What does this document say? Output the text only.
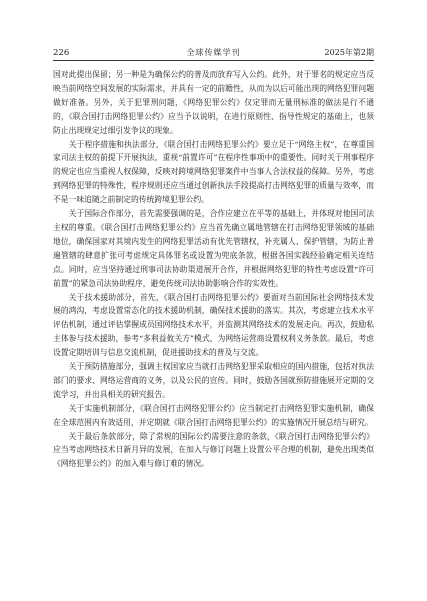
226	全球传媒学刊	2025年第2期

国对此提出保留；另一种是为确保公约的普及而放弃写入公约。此外，对于罪名的规定应当反映当前网络空间发展的实际需求，并具有一定的前瞻性，从而为以后可能出现的网络犯罪问题做好准备。另外，关于犯罪刑问题，《网络犯罪公约》仅定罪而无量刑标准的做法是行不通的，《联合国打击网络犯罪公约》应当予以说明，在进行原则性、指导性规定的基础上，也须防止出现规定过细引发争议的现象。

关于程序措施和执法部分，《联合国打击网络犯罪公约》要立足于“网络主权”，在尊重国家司法主权的前提下开展执法，重视“前置许可”在程序性事项中的重要性。同时关于刑事程序的规定也应当重视人权保障，反映对跨境网络犯罪案件中当事人合法权益的保障。另外，考虑到网络犯罪的特殊性，程序规则还应当通过创新执法手段提高打击网络犯罪的质量与效率，而不是一味追随之前制定的传统跨境犯罪公约。

关于国际合作部分，首先需要强调的是，合作应建立在平等的基础上，并体现对他国司法主权的尊重。《联合国打击网络犯罪公约》应当首先确立属地管辖在打击网络犯罪领域的基础地位，确保国家对其境内发生的网络犯罪活动有优先管辖权，补充属人、保护管辖，为防止普遍管辖的肆意扩张可考虑规定具体罪名或设置为兜底条款，根据各国实践经验确定相关连结点。同时，应当坚持通过刑事司法协助渠道展开合作，并根据网络犯罪的特性考虑设置“许可前置”的紧急司法协助程序，避免传统司法协助影响合作的实效性。

关于技术援助部分，首先，《联合国打击网络犯罪公约》要面对当前国际社会网络技术发展的鸿沟，考虑设置常态化的技术援助机制，确保技术援助的落实。其次，考虑建立技术水平评估机制，通过评估掌握成员国网络技术水平，并监测其网络技术的发展走向。再次，鼓励私主体参与技术援助，参考“多利益攸关方”模式，为网络运营商设置权利义务条款。最后，考虑设置定期培训与信息交流机制，促进援助技术的普及与交流。

关于预防措施部分，强调主权国家应当就打击网络犯罪采取相应的国内措施，包括对执法部门的要求、网络运营商的义务，以及公民的宣传。同时，鼓励各国就预防措施展开定期的交流学习，并出具相关的研究报告。

关于实施机制部分，《联合国打击网络犯罪公约》应当制定打击网络犯罪实施机制，确保在全球范围内有效适用，并定期就《联合国打击网络犯罪公约》的实施情况开展总结与研究。

关于最后条款部分，除了常规的国际公约需要注意的条款，《联合国打击网络犯罪公约》应当考虑网络技术日新月异的发展，在加入与修订问题上设置公平合理的机制，避免出现类似《网络犯罪公约》的加入难与修订难的情况。
